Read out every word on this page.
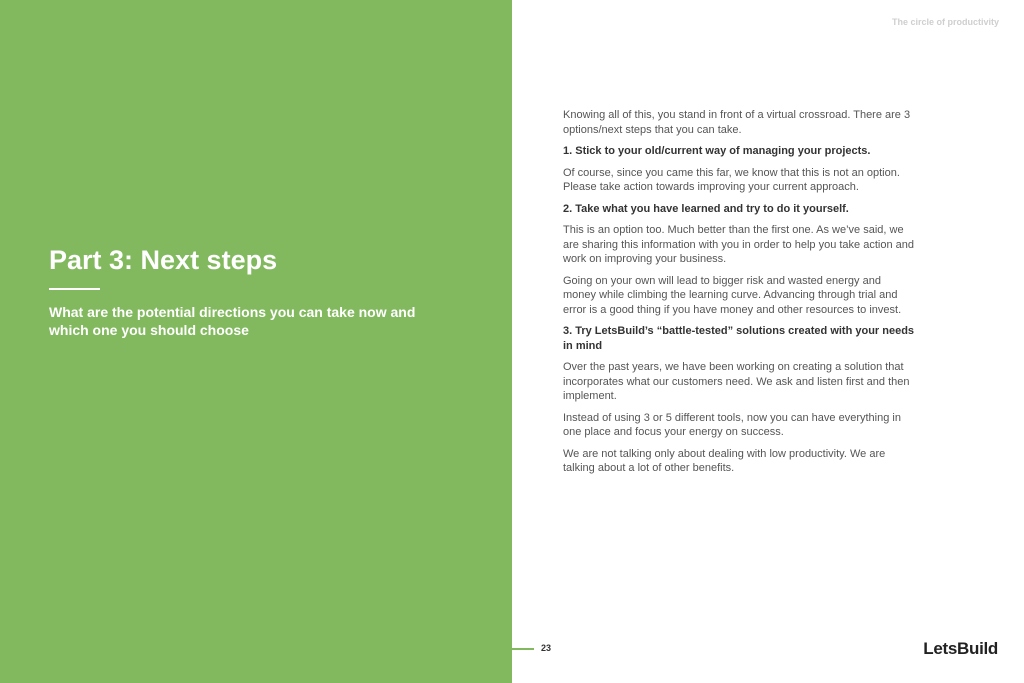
Part 3: Next steps

What are the potential directions you can take now and which one you should choose

The circle of productivity

Knowing all of this, you stand in front of a virtual crossroad. There are 3 options/next steps that you can take.

1. Stick to your old/current way of managing your projects.

Of course, since you came this far, we know that this is not an option. Please take action towards improving your current approach.

2. Take what you have learned and try to do it yourself.

This is an option too. Much better than the first one. As we’ve said, we are sharing this information with you in order to help you take action and work on improving your business.

Going on your own will lead to bigger risk and wasted energy and money while climbing the learning curve. Advancing through trial and error is a good thing if you have money and other resources to invest.

3. Try LetsBuild’s “battle-tested” solutions created with your needs in mind

Over the past years, we have been working on creating a solution that incorporates what our customers need. We ask and listen first and then implement.

Instead of using 3 or 5 different tools, now you can have everything in one place and focus your energy on success.

We are not talking only about dealing with low productivity. We are talking about a lot of other benefits.

23	LetsBuild
